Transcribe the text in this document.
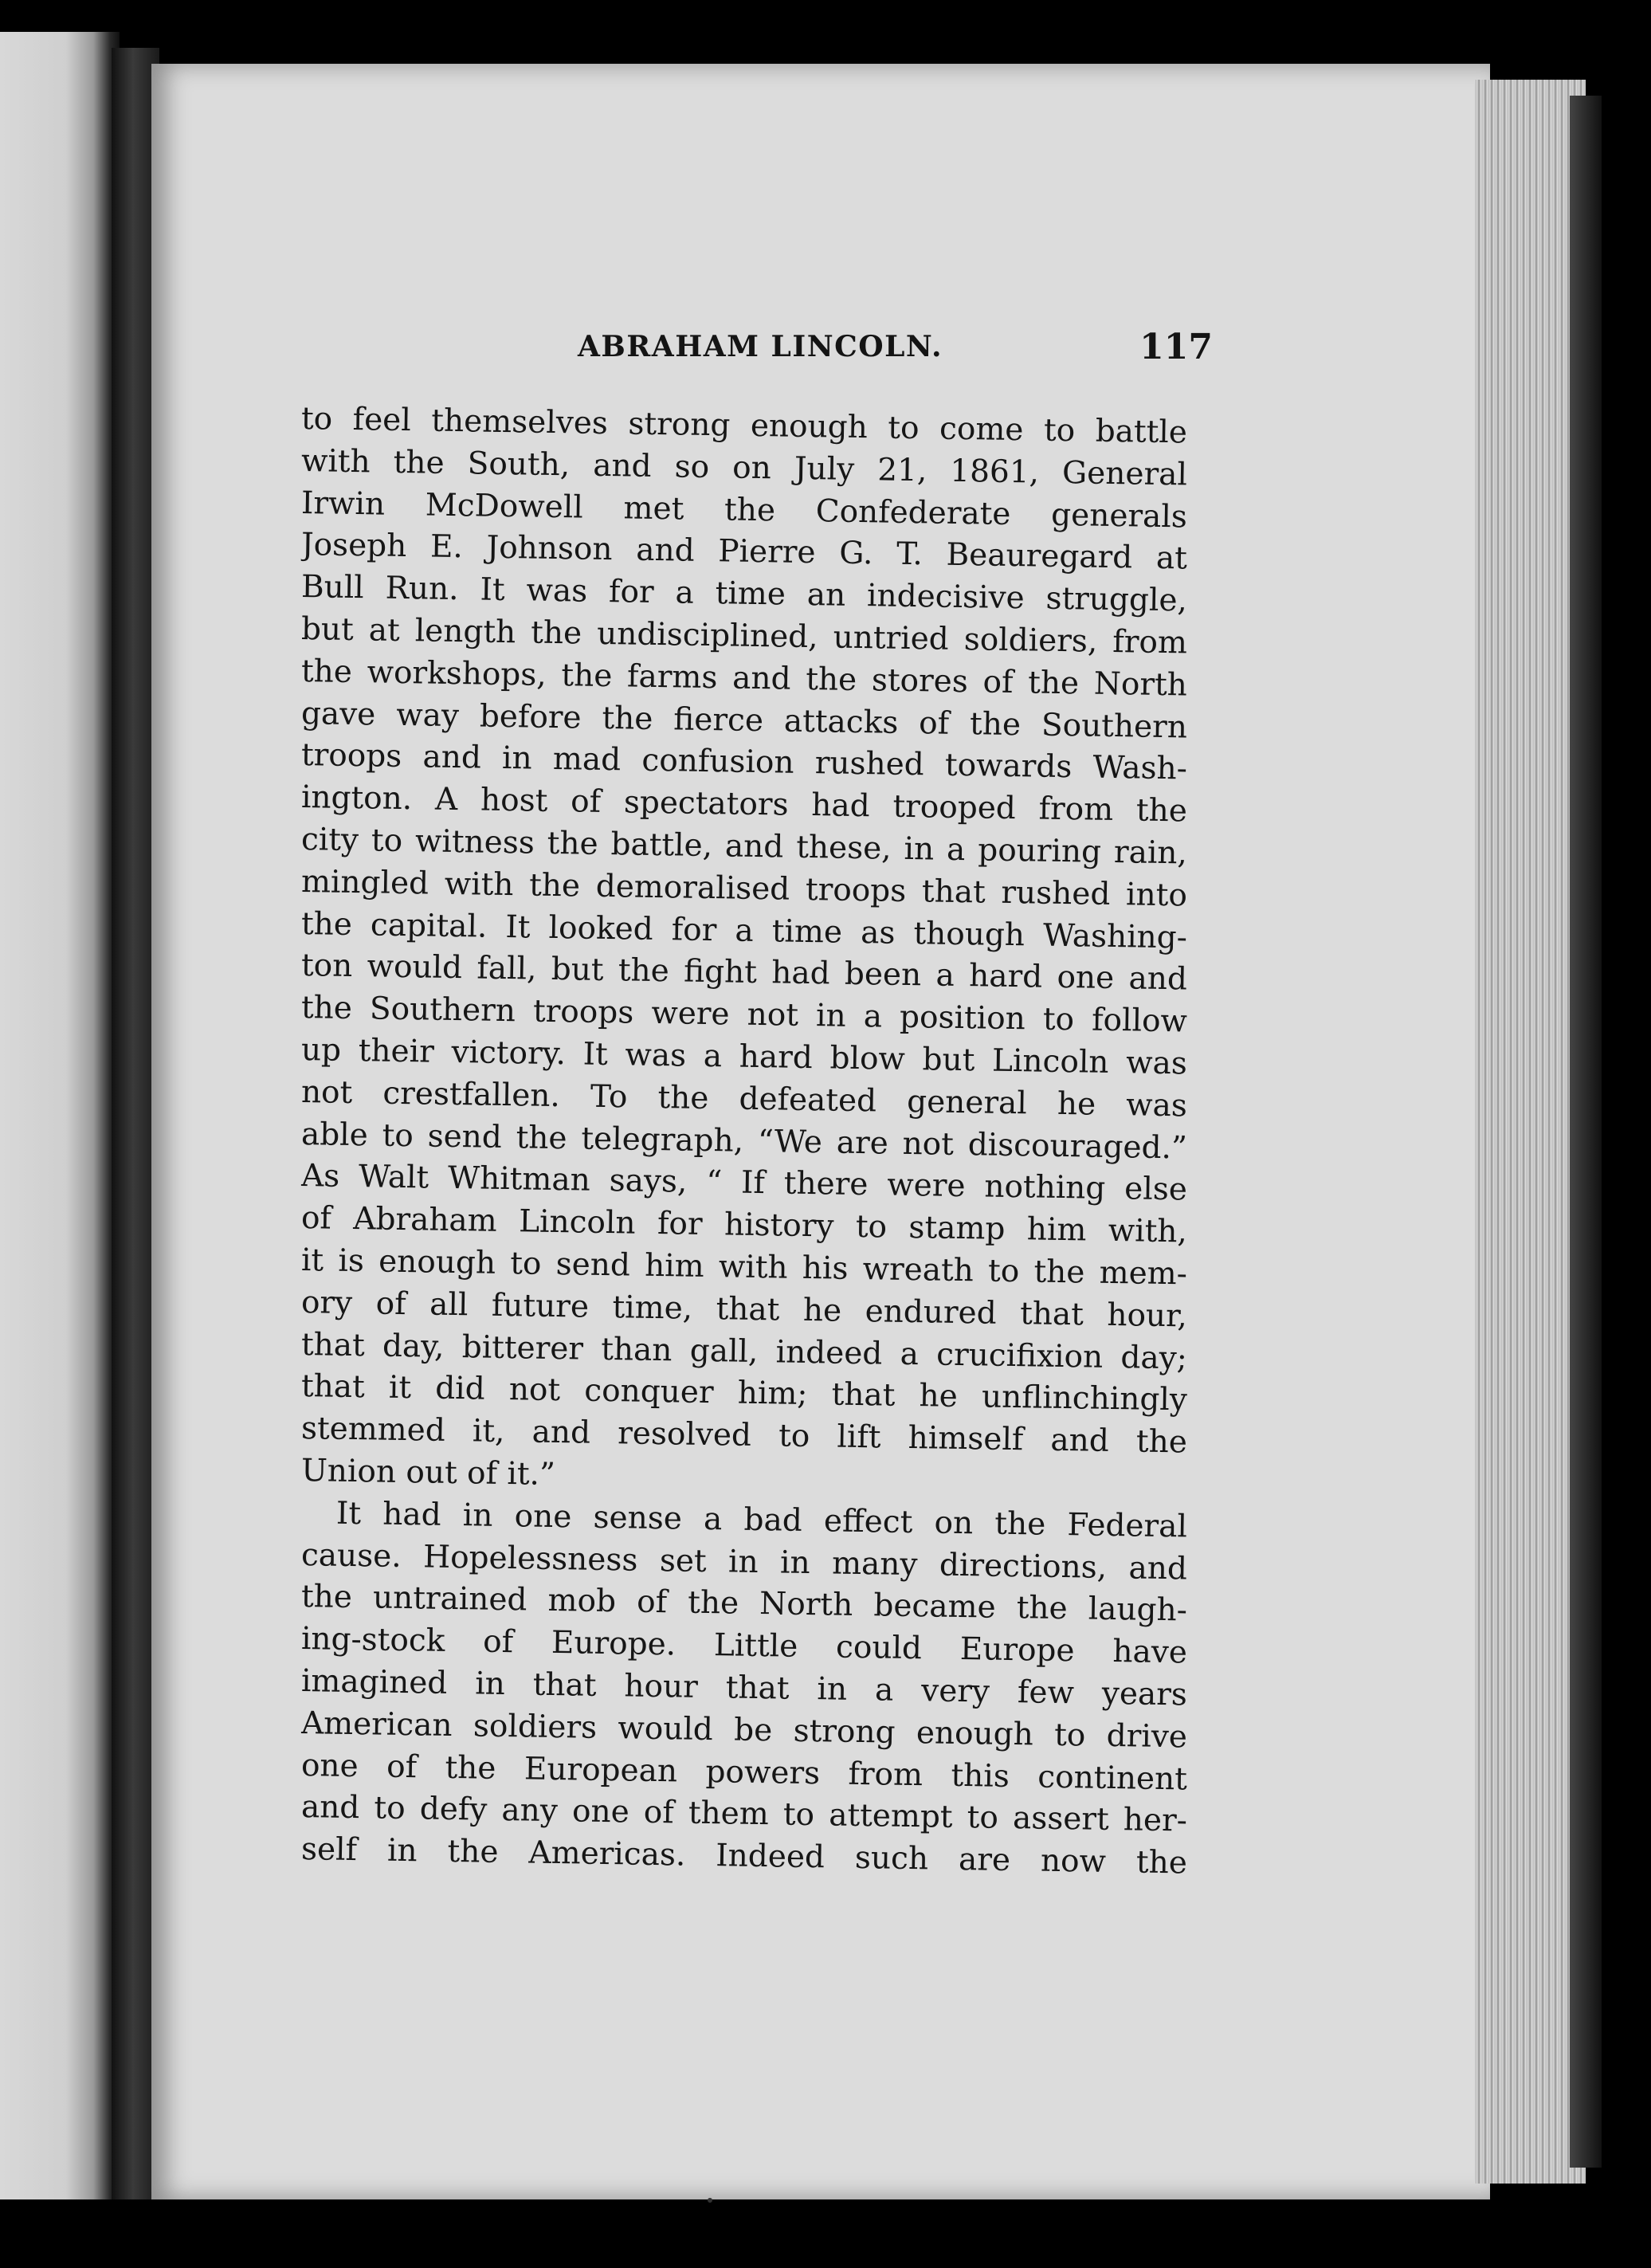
ABRAHAM LINCOLN.	117
to feel themselves strong enough to come to battle
with the South, and so on July 21, 1861, General
Irwin McDowell met the Confederate generals
Joseph E. Johnson and Pierre G. T. Beauregard at
Bull Run. It was for a time an indecisive struggle,
but at length the undisciplined, untried soldiers, from
the workshops, the farms and the stores of the North
gave way before the fierce attacks of the Southern
troops and in mad confusion rushed towards Wash-
ington. A host of spectators had trooped from the
city to witness the battle, and these, in a pouring rain,
mingled with the demoralised troops that rushed into
the capital. It looked for a time as though Washing-
ton would fall, but the fight had been a hard one and
the Southern troops were not in a position to follow
up their victory. It was a hard blow but Lincoln was
not crestfallen. To the defeated general he was
able to send the telegraph, “We are not discouraged.”
As Walt Whitman says, “ If there were nothing else
of Abraham Lincoln for history to stamp him with,
it is enough to send him with his wreath to the mem-
ory of all future time, that he endured that hour,
that day, bitterer than gall, indeed a crucifixion day;
that it did not conquer him; that he unflinchingly
stemmed it, and resolved to lift himself and the
Union out of it.”
It had in one sense a bad effect on the Federal
cause. Hopelessness set in in many directions, and
the untrained mob of the North became the laugh-
ing-stock of Europe. Little could Europe have
imagined in that hour that in a very few years
American soldiers would be strong enough to drive
one of the European powers from this continent
and to defy any one of them to attempt to assert her-
self in the Americas. Indeed such are now the
